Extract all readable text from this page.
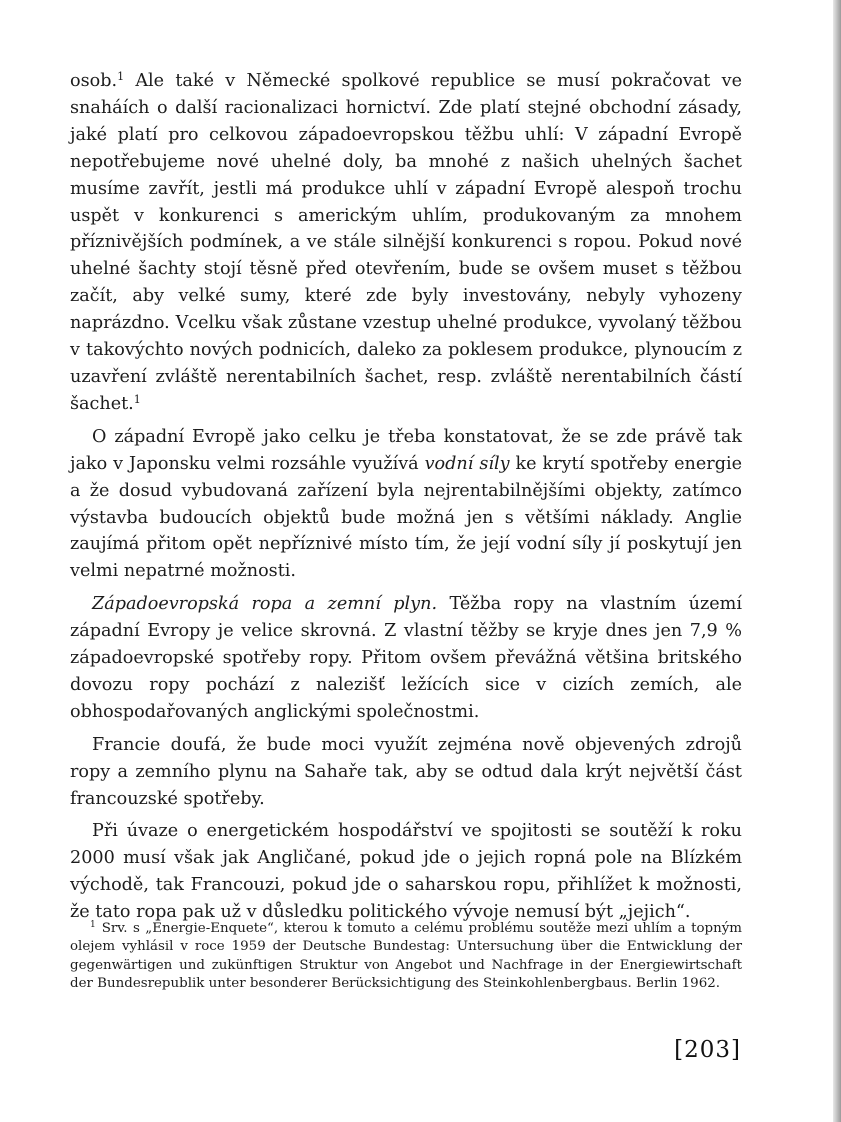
osob.$^1$ Ale také v Německé spolkové republice se musí pokračovat ve snaháích o další racionalizaci hornictví. Zde platí stejné obchodní zásady, jaké platí pro celkovou západoevropskou těžbu uhlí: V západní Evropě nepotřebujeme nové uhelné doly, ba mnohé z našich uhelných šachet musíme zavřít, jestli má produkce uhlí v západní Evropě alespoň trochu uspět v konkurenci s americkým uhlím, produkovaným za mnohem příznivějších podmínek, a ve stále silnější konkurenci s ropou. Pokud nové uhelné šachty stojí těsně před otevřením, bude se ovšem muset s těžbou začít, aby velké sumy, které zde byly investovány, nebyly vyhozeny naprázdno. Vcelku však zůstane vzestup uhelné produkce, vyvolaný těžbou v takovýchto nových podnicích, daleko za poklesem produkce, plynoucím z uzavření zvláště nerentabilních šachet, resp. zvláště nerentabilních částí šachet.$^1$

O západní Evropě jako celku je třeba konstatovat, že se zde právě tak jako v Japonsku velmi rozsáhle využívá vodní síly ke krytí spotřeby energie a že dosud vybudovaná zařízení byla nejrentabilnějšími objekty, zatímco výstavba budoucích objektů bude možná jen s většími náklady. Anglie zaujímá přitom opět nepříznivé místo tím, že její vodní síly jí poskytují jen velmi nepatrné možnosti.

Západoevropská ropa a zemní plyn. Těžba ropy na vlastním území západní Evropy je velice skrovná. Z vlastní těžby se kryje dnes jen 7,9 % západoevropské spotřeby ropy. Přitom ovšem převážná většina britského dovozu ropy pochází z nalezišť ležících sice v cizích zemích, ale obhospodařovaných anglickými společnostmi.

Francie doufá, že bude moci využít zejména nově objevených zdrojů ropy a zemního plynu na Sahaře tak, aby se odtud dala krýt největší část francouzské spotřeby.

Při úvaze o energetickém hospodářství ve spojitosti se soutěží k roku 2000 musí však jak Angličané, pokud jde o jejich ropná pole na Blízkém východě, tak Francouzi, pokud jde o saharskou ropu, přihlížet k možnosti, že tato ropa pak už v důsledku politického vývoje nemusí být „jejich“.

$^1$ Srv. s „Energie-Enquete“, kterou k tomuto a celému problému soutěže mezi uhlím a topným olejem vyhlásil v roce 1959 der Deutsche Bundestag: Untersuchung über die Entwicklung der gegenwärtigen und zukünftigen Struktur von Angebot und Nachfrage in der Energiewirtschaft der Bundesrepublik unter besonderer Berücksichtigung des Steinkohlenbergbaus. Berlin 1962.

[203]
